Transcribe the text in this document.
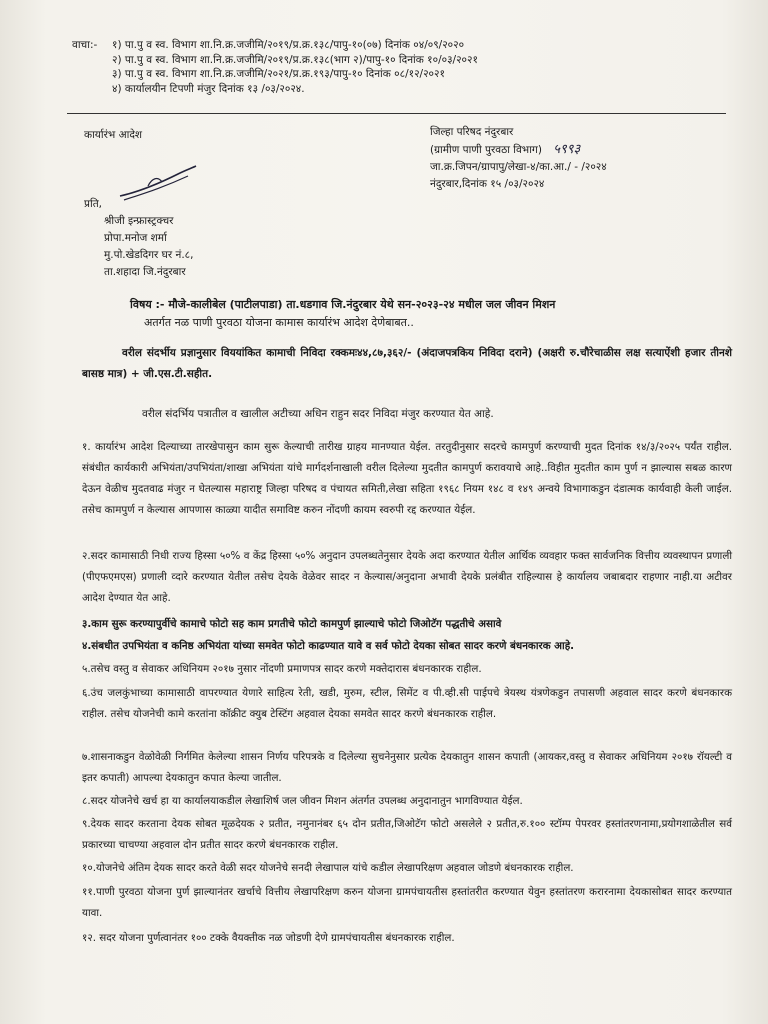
वाचा:- १) पा.पु व स्व. विभाग शा.नि.क्र.जजीमि/२०१९/प्र.क्र.१३८/पापु-१०(०७) दिनांक ०४/०९/२०२०
२) पा.पु व स्व. विभाग शा.नि.क्र.जजीमि/२०१९/प्र.क्र.१३८(भाग २)/पापु-१० दिनांक १०/०३/२०२१
३) पा.पु व स्व. विभाग शा.नि.क्र.जजीमि/२०२१/प्र.क्र.१९३/पापु-१० दिनांक ०८/१२/२०२१
४) कार्यालयीन टिपणी मंजुर दिनांक १३ /०३/२०२४.
कार्यारंभ आदेश	जिल्हा परिषद नंदुरबार
(ग्रामीण पाणी पुरवठा विभाग) ५९९३
जा.क्र.जिपन/ग्रापापु/लेखा-४/का.आ./ - /२०२४
नंदुरबार,दिनांक १५ /०३/२०२४
प्रति,
श्रीजी इन्फ्रास्ट्रक्चर
प्रोपा.मनोज शर्मा
मु.पो.खेडदिगर घर नं.८,
ता.शहादा जि.नंदुरबार
विषय :- मौजे-कालीबेल (पाटीलपाडा) ता.धडगाव जि.नंदुरबार येथे सन-२०२३-२४ मधील जल जीवन मिशन
अतर्गत नळ पाणी पुरवठा योजना कामास कार्यारंभ आदेश देणेबाबत..
वरील संदर्भीय प्रज्ञानुसार विययांकित कामाची निविदा रक्कमः४४,८७,३६२/- (अंदाजपत्रकिय निविदा दराने) (अक्षरी रु.चौरेचाळीस लक्ष सत्याऐंशी हजार तीनशे बासष्ठ मात्र) + जी.एस.टी.सहीत.
वरील संदर्भिय पत्रातील व खालील अटीच्या अधिन राहुन सदर निविदा मंजुर करण्यात येत आहे.
१. कार्यारंभ आदेश दिल्याच्या तारखेपासुन काम सुरू केल्याची तारीख ग्राहय मानण्यात येईल. तरतुदीनुसार सदरचे कामपुर्ण करण्याची मुदत दिनांक १४/३/२०२५ पर्यंत राहील. संबंधीत कार्यकारी अभियंता/उपभियंता/शाखा अभियंता यांचे मार्गदर्शनाखाली वरील दिलेल्या मुदतीत कामपुर्ण करावयाचे आहे..विहीत मुदतीत काम पुर्ण न झाल्यास सबळ कारण देऊन वेळीच मुदतवाढ मंजुर न घेतल्यास महाराष्ट्र जिल्हा परिषद व पंचायत समिती,लेखा सहिता १९६८ नियम १४८ व १४९ अन्वये विभागाकडुन दंडात्मक कार्यवाही केली जाईल. तसेच कामपुर्ण न केल्यास आपणास काळ्या यादीत समाविष्ट करुन नोंदणी कायम स्वरुपी रद्द करण्यात येईल.
२.सदर कामासाठी निधी राज्य हिस्सा ५०% व केंद्र हिस्सा ५०% अनुदान उपलब्धतेनुसार देयके अदा करण्यात येतील आर्थिक व्यवहार फक्त सार्वजनिक वित्तीय व्यवस्थापन प्रणाली (पीएफएमएस) प्रणाली व्दारे करण्यात येतील तसेच देयके वेळेवर सादर न केल्यास/अनुदाना अभावी देयके प्रलंबीत राहिल्यास हे कार्यालय जबाबदार राहणार नाही.या अटीवर आदेश देण्यात येत आहे.
३.काम सुरू करण्यापुर्वीचे कामाचे फोटो सह काम प्रगतीचे फोटो कामपुर्ण झाल्याचे फोटो जिओटॅग पद्धतीचे असावे
४.संबधीत उपभियंता व कनिष्ठ अभियंता यांच्या समवेत फोटो काढण्यात यावे व सर्व फोटो देयका सोबत सादर करणे बंधनकारक आहे.
५.तसेच वस्तु व सेवाकर अधिनियम २०१७ नुसार नोंदणी प्रमाणपत्र सादर करणे मक्तेदारास बंधनकारक राहील.
६.उंच जलकुंभाच्या कामासाठी वापरण्यात येणारे साहित्य रेती, खडी, मुरुम, स्टील, सिमेंट व पी.व्ही.सी पाईपचे त्रेयस्थ यंत्रणेकडुन तपासणी अहवाल सादर करणे बंधनकारक राहील. तसेच योजनेची कामे करतांना कॉक्रीट क्युब टेस्टिंग अहवाल देयका समवेत सादर करणे बंधनकारक राहील.
७.शासनाकडुन वेळोवेळी निर्गमित केलेल्या शासन निर्णय परिपत्रके व दिलेल्या सुचनेनुसार प्रत्येक देयकातुन शासन कपाती (आयकर,वस्तु व सेवाकर अधिनियम २०१७ रॉयल्टी व इतर कपाती) आपल्या देयकातुन कपात केल्या जातील.
८.सदर योजनेचे खर्च हा या कार्यालयाकडील लेखाशिर्ष जल जीवन मिशन अंतर्गत उपलब्ध अनुदानातुन भागविण्यात येईल.
९.देयक सादर करताना देयक सोबत मूळदेयक २ प्रतीत, नमुनानंबर ६५ दोन प्रतीत,जिओटॅग फोटो असलेले २ प्रतीत,रु.१०० स्टॉम्प पेपरवर हस्तांतरणनामा,प्रयोगशाळेतील सर्व प्रकारच्या चाचण्या अहवाल दोन प्रतीत सादर करणे बंधनकारक राहील.
१०.योजनेचे अंतिम देयक सादर करते वेळी सदर योजनेचे सनदी लेखापाल यांचे कडील लेखापरिक्षण अहवाल जोडणे बंधनकारक राहील.
११.पाणी पुरवठा योजना पुर्ण झाल्यानंतर खर्चाचे वित्तीय लेखापरिक्षण करुन योजना ग्रामपंचायतीस हस्तांतरीत करण्यात येवुन हस्तांतरण करारनामा देयकासोबत सादर करण्यात यावा.
१२. सदर योजना पुर्णत्वानंतर १०० टक्के वैयक्तीक नळ जोडणी देणे ग्रामपंचायतीस बंधनकारक राहील.
